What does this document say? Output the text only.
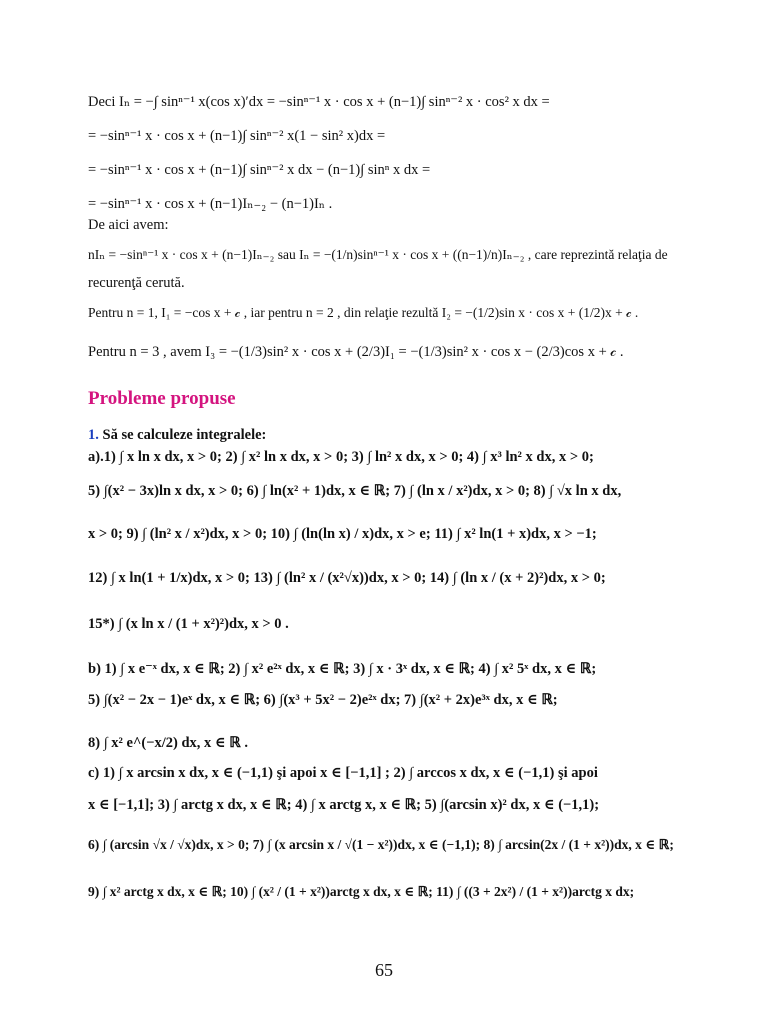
Deci Iₙ = −∫ sinⁿ⁻¹ x(cos x)′dx = −sinⁿ⁻¹ x · cos x + (n−1)∫ sinⁿ⁻² x · cos² x dx =
= −sinⁿ⁻¹ x · cos x + (n−1)∫ sinⁿ⁻² x(1 − sin² x)dx =
= −sinⁿ⁻¹ x · cos x + (n−1)∫ sinⁿ⁻² x dx − (n−1)∫ sinⁿ x dx =
= −sinⁿ⁻¹ x · cos x + (n−1)Iₙ₋₂ − (n−1)Iₙ .
De aici avem:
nIₙ = −sinⁿ⁻¹ x · cos x + (n−1)Iₙ₋₂ sau Iₙ = −(1/n)sinⁿ⁻¹ x · cos x + ((n−1)/n)Iₙ₋₂ , care reprezintă relaţia de
recurenţă cerută.
Pentru n = 1, I₁ = −cos x + 𝒸 , iar pentru n = 2 , din relaţie rezultă I₂ = −(1/2)sin x · cos x + (1/2)x + 𝒸 .
Pentru n = 3 , avem I₃ = −(1/3)sin² x · cos x + (2/3)I₁ = −(1/3)sin² x · cos x − (2/3)cos x + 𝒸 .
Probleme propuse
1. Să se calculeze integralele:
a).1) ∫ x ln x dx, x > 0; 2) ∫ x² ln x dx, x > 0; 3) ∫ ln² x dx, x > 0; 4) ∫ x³ ln² x dx, x > 0;
5) ∫(x² − 3x)ln x dx, x > 0; 6) ∫ ln(x² + 1)dx, x ∈ ℝ; 7) ∫ (ln x / x²)dx, x > 0; 8) ∫ √x ln x dx,
x > 0; 9) ∫ (ln² x / x²)dx, x > 0; 10) ∫ (ln(ln x) / x)dx, x > e; 11) ∫ x² ln(1 + x)dx, x > −1;
12) ∫ x ln(1 + 1/x)dx, x > 0; 13) ∫ (ln² x / (x²√x))dx, x > 0; 14) ∫ (ln x / (x + 2)²)dx, x > 0;
15*) ∫ (x ln x / (1 + x²)²)dx, x > 0 .
b) 1) ∫ x e⁻ˣ dx, x ∈ ℝ; 2) ∫ x² e²ˣ dx, x ∈ ℝ; 3) ∫ x · 3ˣ dx, x ∈ ℝ; 4) ∫ x² 5ˣ dx, x ∈ ℝ;
5) ∫(x² − 2x − 1)eˣ dx, x ∈ ℝ; 6) ∫(x³ + 5x² − 2)e²ˣ dx; 7) ∫(x² + 2x)e³ˣ dx, x ∈ ℝ;
8) ∫ x² e^(−x/2) dx, x ∈ ℝ .
c) 1) ∫ x arcsin x dx, x ∈ (−1,1) şi apoi x ∈ [−1,1] ; 2) ∫ arccos x dx, x ∈ (−1,1) şi apoi
x ∈ [−1,1]; 3) ∫ arctg x dx, x ∈ ℝ; 4) ∫ x arctg x, x ∈ ℝ; 5) ∫(arcsin x)² dx, x ∈ (−1,1);
6) ∫ (arcsin √x / √x)dx, x > 0; 7) ∫ (x arcsin x / √(1 − x²))dx, x ∈ (−1,1); 8) ∫ arcsin(2x / (1 + x²))dx, x ∈ ℝ;
9) ∫ x² arctg x dx, x ∈ ℝ; 10) ∫ (x² / (1 + x²))arctg x dx, x ∈ ℝ; 11) ∫ ((3 + 2x²) / (1 + x²))arctg x dx;
65
